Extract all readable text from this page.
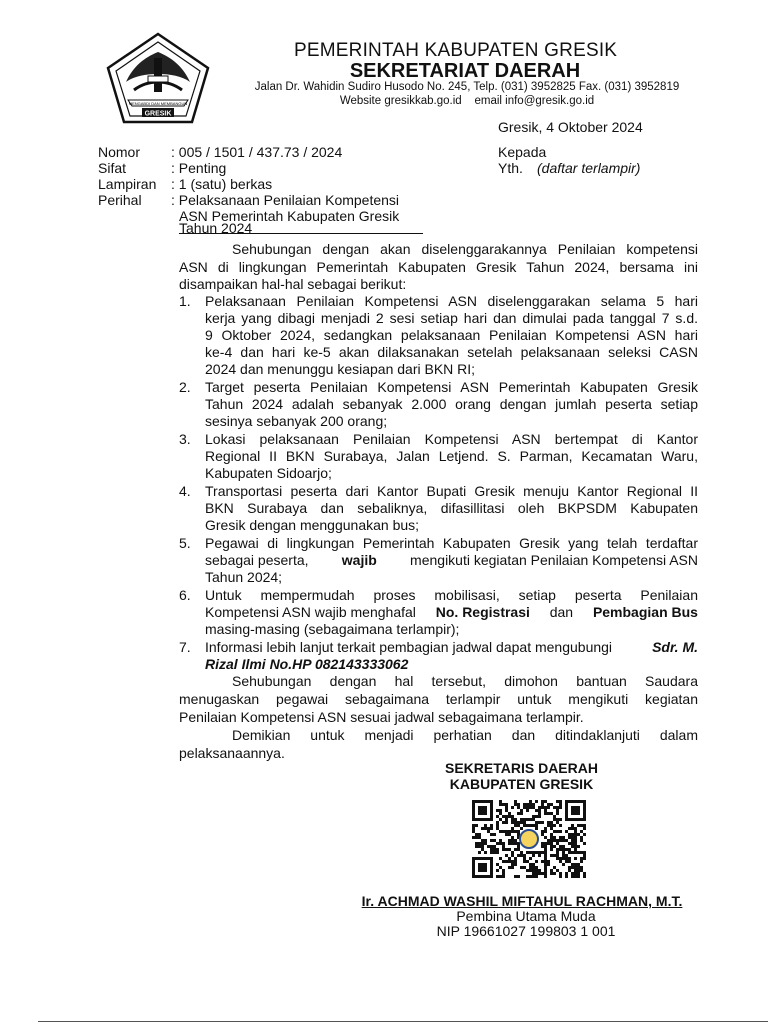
MENGABDI DAN MEMBANGUN
GRESIK
PEMERINTAH KABUPATEN GRESIK
SEKRETARIAT DAERAH
Jalan Dr. Wahidin Sudiro Husodo No. 245, Telp. (031) 3952825 Fax. (031) 3952819
Website gresikkab.go.id    email info@gresik.go.id
Gresik, 4 Oktober 2024
Kepada
Yth. (daftar terlampir)
Nomor : 005 / 1501 / 437.73 / 2024
Sifat	: Penting
Lampiran : 1 (satu) berkas
Perihal : Pelaksanaan Penilaian Kompetensi
ASN Pemerintah Kabupaten Gresik
Tahun 2024
Sehubungan dengan akan diselenggarakannya Penilaian kompetensi
ASN di lingkungan Pemerintah Kabupaten Gresik Tahun 2024, bersama ini
disampaikan hal-hal sebagai berikut:
1. Pelaksanaan Penilaian Kompetensi ASN diselenggarakan selama 5 hari
kerja yang dibagi menjadi 2 sesi setiap hari dan dimulai pada tanggal 7 s.d.
9 Oktober 2024, sedangkan pelaksanaan Penilaian Kompetensi ASN hari
ke-4 dan hari ke-5 akan dilaksanakan setelah pelaksanaan seleksi CASN
2024 dan menunggu kesiapan dari BKN RI;
2. Target peserta Penilaian Kompetensi ASN Pemerintah Kabupaten Gresik
Tahun 2024 adalah sebanyak 2.000 orang dengan jumlah peserta setiap
sesinya sebanyak 200 orang;
3. Lokasi pelaksanaan Penilaian Kompetensi ASN bertempat di Kantor
Regional II BKN Surabaya, Jalan Letjend. S. Parman, Kecamatan Waru,
Kabupaten Sidoarjo;
4. Transportasi peserta dari Kantor Bupati Gresik menuju Kantor Regional II
BKN Surabaya dan sebaliknya, difasillitasi oleh BKPSDM Kabupaten
Gresik dengan menggunakan bus;
5. Pegawai di lingkungan Pemerintah Kabupaten Gresik yang telah terdaftar
sebagai peserta, wajib mengikuti kegiatan Penilaian Kompetensi ASN
Tahun 2024;
6. Untuk mempermudah proses mobilisasi, setiap peserta Penilaian
Kompetensi ASN wajib menghafal No. Registrasi dan Pembagian Bus
masing-masing (sebagaimana terlampir);
7. Informasi lebih lanjut terkait pembagian jadwal dapat mengubungi	Sdr. M.
Rizal Ilmi No.HP 082143333062
Sehubungan dengan hal tersebut, dimohon bantuan Saudara
menugaskan pegawai sebagaimana terlampir untuk mengikuti kegiatan
Penilaian Kompetensi ASN sesuai jadwal sebagaimana terlampir.
Demikian untuk menjadi perhatian dan ditindaklanjuti dalam
pelaksanaannya.
SEKRETARIS DAERAH
KABUPATEN GRESIK
Ir. ACHMAD WASHIL MIFTAHUL RACHMAN, M.T.
Pembina Utama Muda
NIP 19661027 199803 1 001
